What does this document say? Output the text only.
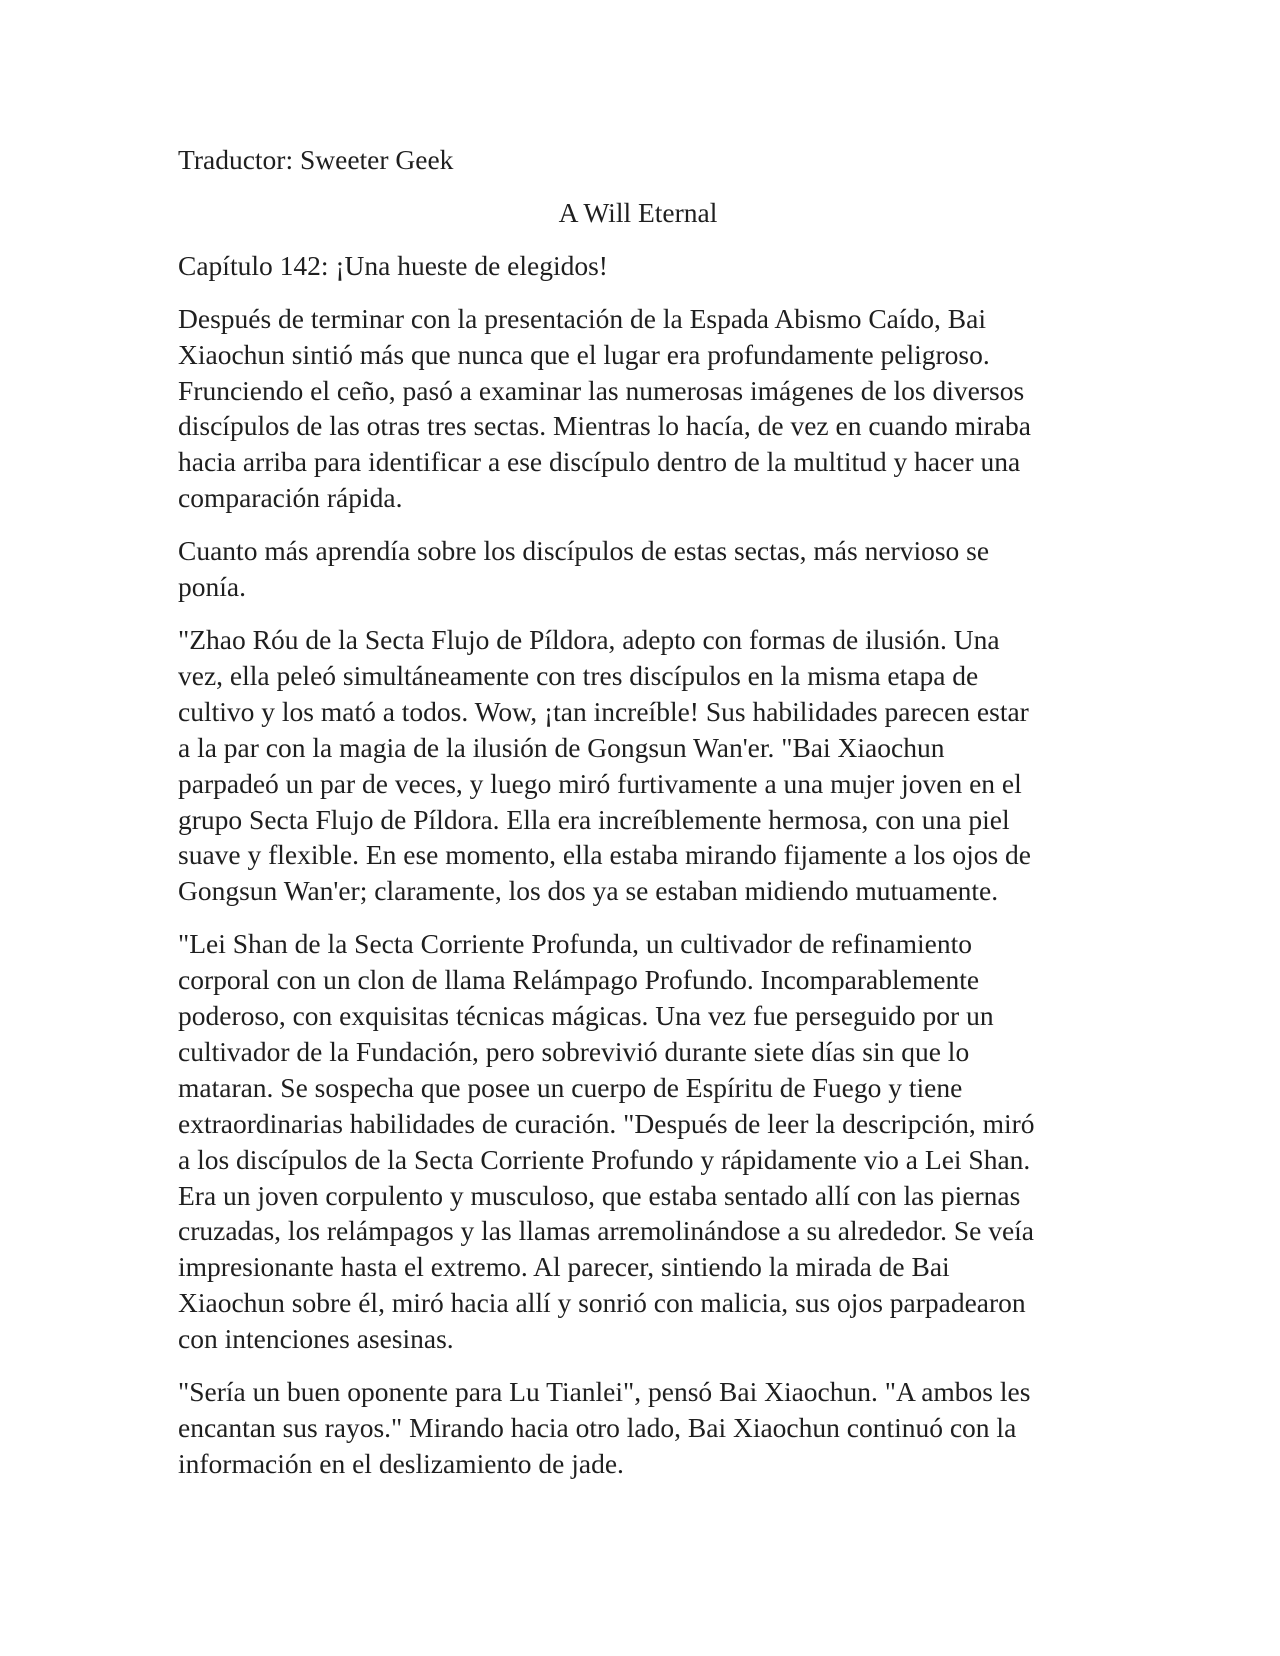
Traductor: Sweeter Geek
A Will Eternal
Capítulo 142: ¡Una hueste de elegidos!

Después de terminar con la presentación de la Espada Abismo Caído, Bai

Xiaochun sintió más que nunca que el lugar era profundamente peligroso.

Frunciendo el ceño, pasó a examinar las numerosas imágenes de los diversos

discípulos de las otras tres sectas. Mientras lo hacía, de vez en cuando miraba

hacia arriba para identificar a ese discípulo dentro de la multitud y hacer una

comparación rápida.

Cuanto más aprendía sobre los discípulos de estas sectas, más nervioso se

ponía.

"Zhao Róu de la Secta Flujo de Píldora, adepto con formas de ilusión. Una

vez, ella peleó simultáneamente con tres discípulos en la misma etapa de

cultivo y los mató a todos. Wow, ¡tan increíble! Sus habilidades parecen estar

a la par con la magia de la ilusión de Gongsun Wan'er. "Bai Xiaochun

parpadeó un par de veces, y luego miró furtivamente a una mujer joven en el

grupo Secta Flujo de Píldora. Ella era increíblemente hermosa, con una piel

suave y flexible. En ese momento, ella estaba mirando fijamente a los ojos de

Gongsun Wan'er; claramente, los dos ya se estaban midiendo mutuamente.

"Lei Shan de la Secta Corriente Profunda, un cultivador de refinamiento

corporal con un clon de llama Relámpago Profundo. Incomparablemente

poderoso, con exquisitas técnicas mágicas. Una vez fue perseguido por un

cultivador de la Fundación, pero sobrevivió durante siete días sin que lo

mataran. Se sospecha que posee un cuerpo de Espíritu de Fuego y tiene

extraordinarias habilidades de curación. "Después de leer la descripción, miró

a los discípulos de la Secta Corriente Profundo y rápidamente vio a Lei Shan.

Era un joven corpulento y musculoso, que estaba sentado allí con las piernas

cruzadas, los relámpagos y las llamas arremolinándose a su alrededor. Se veía

impresionante hasta el extremo. Al parecer, sintiendo la mirada de Bai

Xiaochun sobre él, miró hacia allí y sonrió con malicia, sus ojos parpadearon

con intenciones asesinas.

"Sería un buen oponente para Lu Tianlei", pensó Bai Xiaochun. "A ambos les

encantan sus rayos." Mirando hacia otro lado, Bai Xiaochun continuó con la

información en el deslizamiento de jade.
